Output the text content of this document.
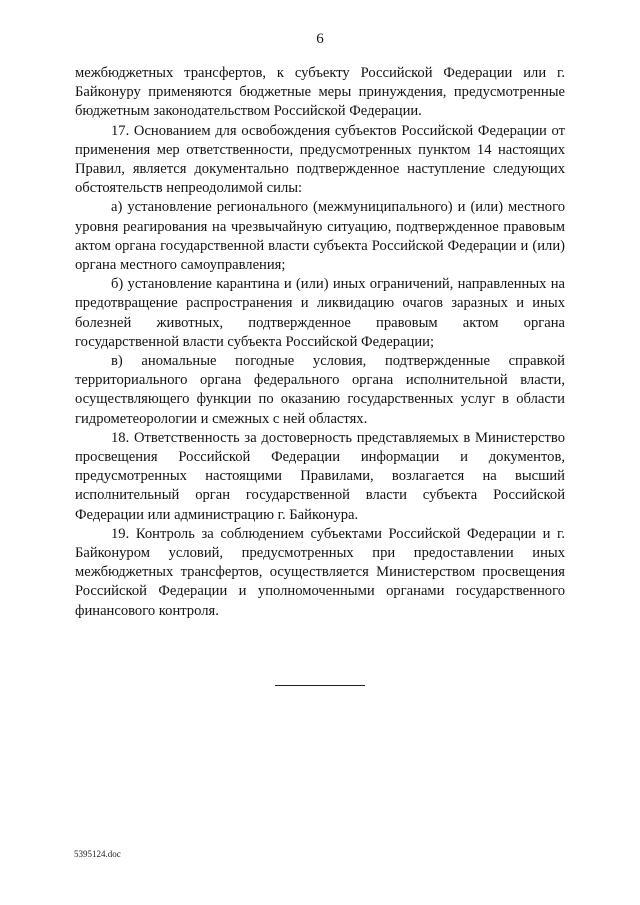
6

межбюджетных трансфертов, к субъекту Российской Федерации или г. Байконуру применяются бюджетные меры принуждения, предусмотренные бюджетным законодательством Российской Федерации.

17. Основанием для освобождения субъектов Российской Федерации от применения мер ответственности, предусмотренных пунктом 14 настоящих Правил, является документально подтвержденное наступление следующих обстоятельств непреодолимой силы:

а) установление регионального (межмуниципального) и (или) местного уровня реагирования на чрезвычайную ситуацию, подтвержденное правовым актом органа государственной власти субъекта Российской Федерации и (или) органа местного самоуправления;

б) установление карантина и (или) иных ограничений, направленных на предотвращение распространения и ликвидацию очагов заразных и иных болезней животных, подтвержденное правовым актом органа государственной власти субъекта Российской Федерации;

в) аномальные погодные условия, подтвержденные справкой территориального органа федерального органа исполнительной власти, осуществляющего функции по оказанию государственных услуг в области гидрометеорологии и смежных с ней областях.

18. Ответственность за достоверность представляемых в Министерство просвещения Российской Федерации информации и документов, предусмотренных настоящими Правилами, возлагается на высший исполнительный орган государственной власти субъекта Российской Федерации или администрацию г. Байконура.

19. Контроль за соблюдением субъектами Российской Федерации и г. Байконуром условий, предусмотренных при предоставлении иных межбюджетных трансфертов, осуществляется Министерством просвещения Российской Федерации и уполномоченными органами государственного финансового контроля.

5395124.doc
